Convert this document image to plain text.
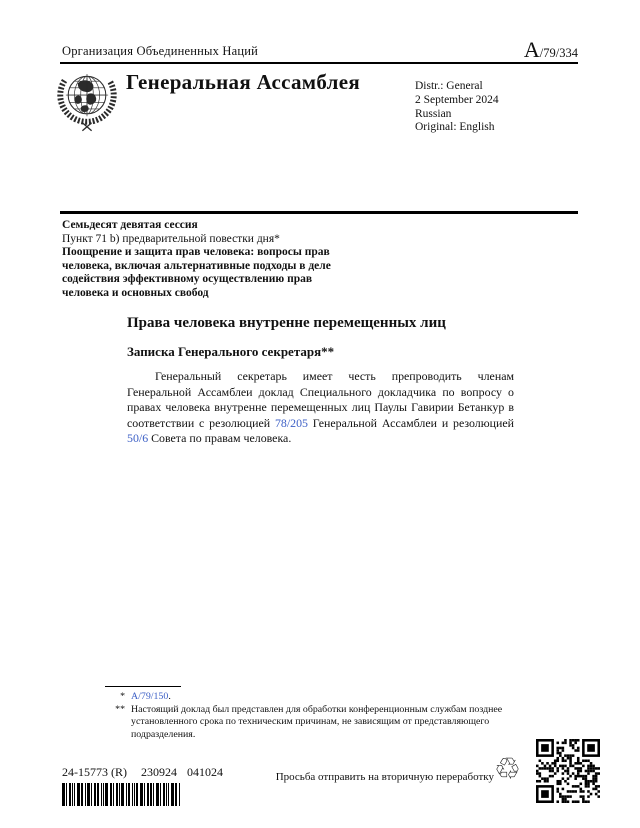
Организация Объединенных Наций	A /79/334
Генеральная Ассамблея	Distr.: General
2 September 2024
Russian
Original: English
Семьдесят девятая сессия
Пункт 71 b) предварительной повестки дня*
Поощрение и защита прав человека: вопросы прав
человека, включая альтернативные подходы в деле
содействия эффективному осуществлению прав
человека и основных свобод
Права человека внутренне перемещенных лиц
Записка Генерального секретаря**
Генеральный секретарь имеет честь препроводить членам Генеральной Ассамблеи доклад Специального докладчика по вопросу о правах человека внутренне перемещенных лиц Паулы Гавирии Бетанкур в соответствии с резолюцией 78/205 Генеральной Ассамблеи и резолюцией 50/6 Совета по правам человека.
* A/79/150.
** Настоящий доклад был представлен для обработки конференционным службам позднее
установленного срока по техническим причинам, не зависящим от представляющего
подразделения.
24-15773 (R) 230924 041024	Просьба отправить на вторичную переработку ♲
